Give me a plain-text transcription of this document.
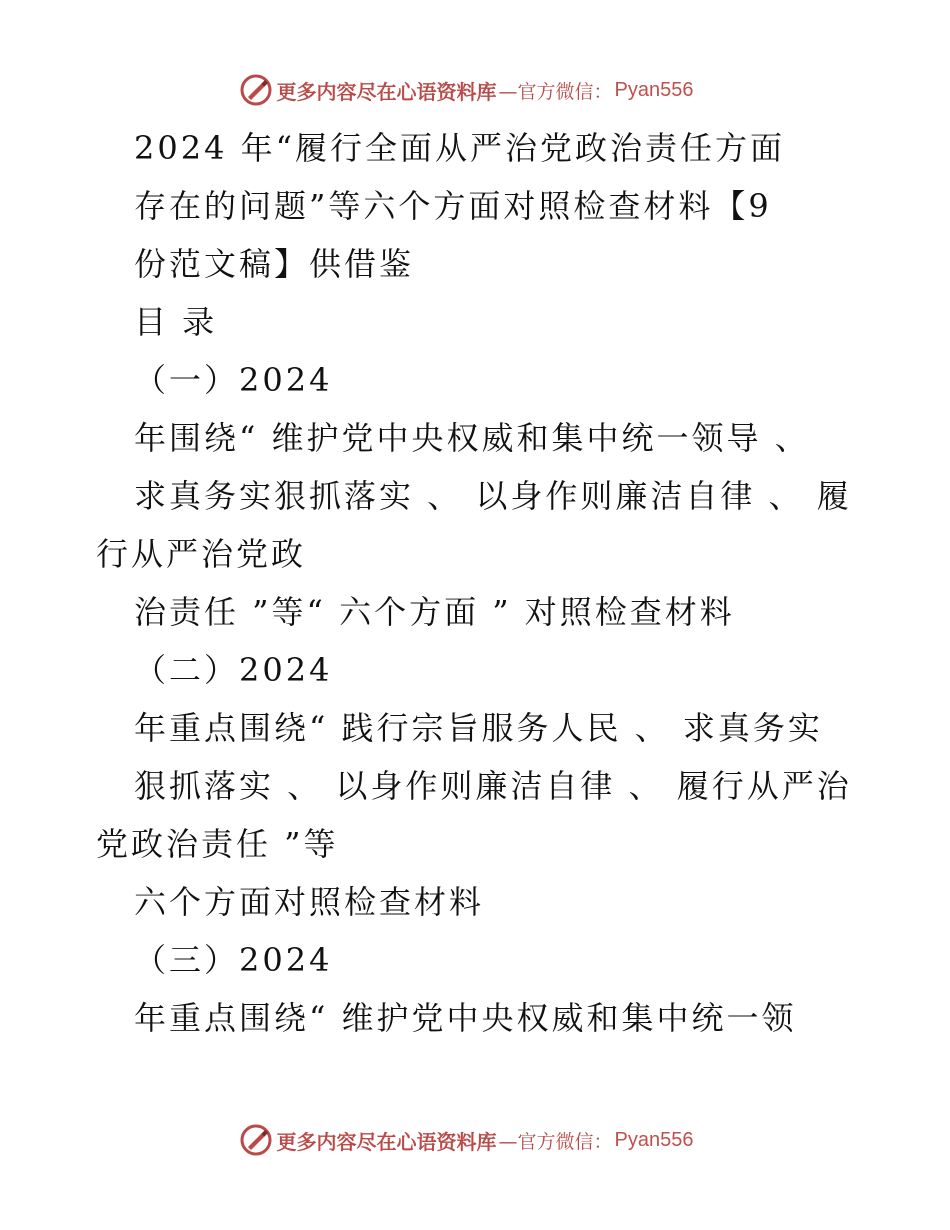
更多内容尽在心语资料库 —官方微信： Pyan556
2024 年“履行全面从严治党政治责任方面
存在的问题”等六个方面对照检查材料【9
份范文稿】供借鉴
目 录
（一）2024
年围绕“ 维护党中央权威和集中统一领导 、
求真务实狠抓落实 、 以身作则廉洁自律 、 履
行从严治党政
治责任 ”等“ 六个方面 ” 对照检查材料
（二）2024
年重点围绕“ 践行宗旨服务人民 、 求真务实
狠抓落实 、 以身作则廉洁自律 、 履行从严治
党政治责任 ”等
六个方面对照检查材料
（三）2024
年重点围绕“ 维护党中央权威和集中统一领
更多内容尽在心语资料库 —官方微信： Pyan556
